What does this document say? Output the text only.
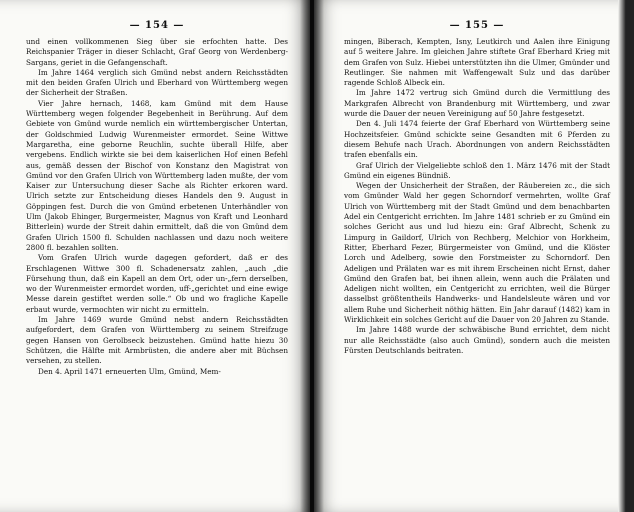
— 154 —

und einen vollkommenen Sieg über sie erfochten hatte. Des Reichspanier Träger in dieser Schlacht, Graf Georg von Werdenberg-Sargans, geriet in die Gefangenschaft.

Im Jahre 1464 verglich sich Gmünd nebst andern Reichsstädten mit den beiden Grafen Ulrich und Eberhard von Württemberg wegen der Sicherheit der Straßen.

Vier Jahre hernach, 1468, kam Gmünd mit dem Hause Württemberg wegen folgender Begebenheit in Berührung. Auf dem Gebiete von Gmünd wurde nemlich ein württembergischer Untertan, der Goldschmied Ludwig Wurenmeister ermordet. Seine Wittwe Margaretha, eine geborne Reuchlin, suchte überall Hilfe, aber vergebens. Endlich wirkte sie bei dem kaiserlichen Hof einen Befehl aus, gemäß dessen der Bischof von Konstanz den Magistrat von Gmünd vor den Grafen Ulrich von Württemberg laden mußte, der vom Kaiser zur Untersuchung dieser Sache als Richter erkoren ward. Ulrich setzte zur Entscheidung dieses Handels den 9. August in Göppingen fest. Durch die von Gmünd erbetenen Unterhändler von Ulm (Jakob Ehinger, Burgermeister, Magnus von Kraft und Leonhard Bitterlein) wurde der Streit dahin ermittelt, daß die von Gmünd dem Grafen Ulrich 1500 fl. Schulden nachlassen und dazu noch weitere 2800 fl. bezahlen sollten.

Vom Grafen Ulrich wurde dagegen gefordert, daß er des Erschlagenen Wittwe 300 fl. Schadenersatz zahlen, „auch „die Fürsehung thun, daß ein Kapell an dem Ort, oder un-„fern derselben, wo der Wurenmeister ermordet worden, uff-„gerichtet und eine ewige Messe darein gestiftet werden solle.“ Ob und wo fragliche Kapelle erbaut wurde, vermochten wir nicht zu ermitteln.

Im Jahre 1469 wurde Gmünd nebst andern Reichsstädten aufgefordert, dem Grafen von Württemberg zu seinem Streifzuge gegen Hansen von Gerolbseck beizustehen. Gmünd hatte hiezu 30 Schützen, die Hälfte mit Armbrüsten, die andere aber mit Büchsen versehen, zu stellen.

Den 4. April 1471 erneuerten Ulm, Gmünd, Mem-

— 155 —

mingen, Biberach, Kempten, Isny, Leutkirch und Aalen ihre Einigung auf 5 weitere Jahre. Im gleichen Jahre stiftete Graf Eberhard Krieg mit dem Grafen von Sulz. Hiebei unterstützten ihn die Ulmer, Gmünder und Reutlinger. Sie nahmen mit Waffengewalt Sulz und das darüber ragende Schloß Albeck ein.

Im Jahre 1472 vertrug sich Gmünd durch die Vermittlung des Markgrafen Albrecht von Brandenburg mit Württemberg, und zwar wurde die Dauer der neuen Vereinigung auf 50 Jahre festgesetzt.

Den 4. Juli 1474 feierte der Graf Eberhard von Württemberg seine Hochzeitsfeier. Gmünd schickte seine Gesandten mit 6 Pferden zu diesem Behufe nach Urach. Abordnungen von andern Reichsstädten trafen ebenfalls ein.

Graf Ulrich der Vielgeliebte schloß den 1. März 1476 mit der Stadt Gmünd ein eigenes Bündniß.

Wegen der Unsicherheit der Straßen, der Räubereien zc., die sich vom Gmünder Wald her gegen Schorndorf vermehrten, wollte Graf Ulrich von Württemberg mit der Stadt Gmünd und dem benachbarten Adel ein Centgericht errichten. Im Jahre 1481 schrieb er zu Gmünd ein solches Gericht aus und lud hiezu ein: Graf Albrecht, Schenk zu Limpurg in Gaildorf, Ulrich von Rechberg, Melchior von Horkheim, Ritter, Eberhard Fezer, Bürgermeister von Gmünd, und die Klöster Lorch und Adelberg, sowie den Forstmeister zu Schorndorf. Den Adeligen und Prälaten war es mit ihrem Erscheinen nicht Ernst, daher Gmünd den Grafen bat, bei ihnen allein, wenn auch die Prälaten und Adeligen nicht wollten, ein Centgericht zu errichten, weil die Bürger dasselbst größtentheils Handwerks- und Handelsleute wären und vor allem Ruhe und Sicherheit nöthig hätten. Ein Jahr darauf (1482) kam in Wirklichkeit ein solches Gericht auf die Dauer von 20 Jahren zu Stande.

Im Jahre 1488 wurde der schwäbische Bund errichtet, dem nicht nur alle Reichsstädte (also auch Gmünd), sondern auch die meisten Fürsten Deutschlands beitraten.
